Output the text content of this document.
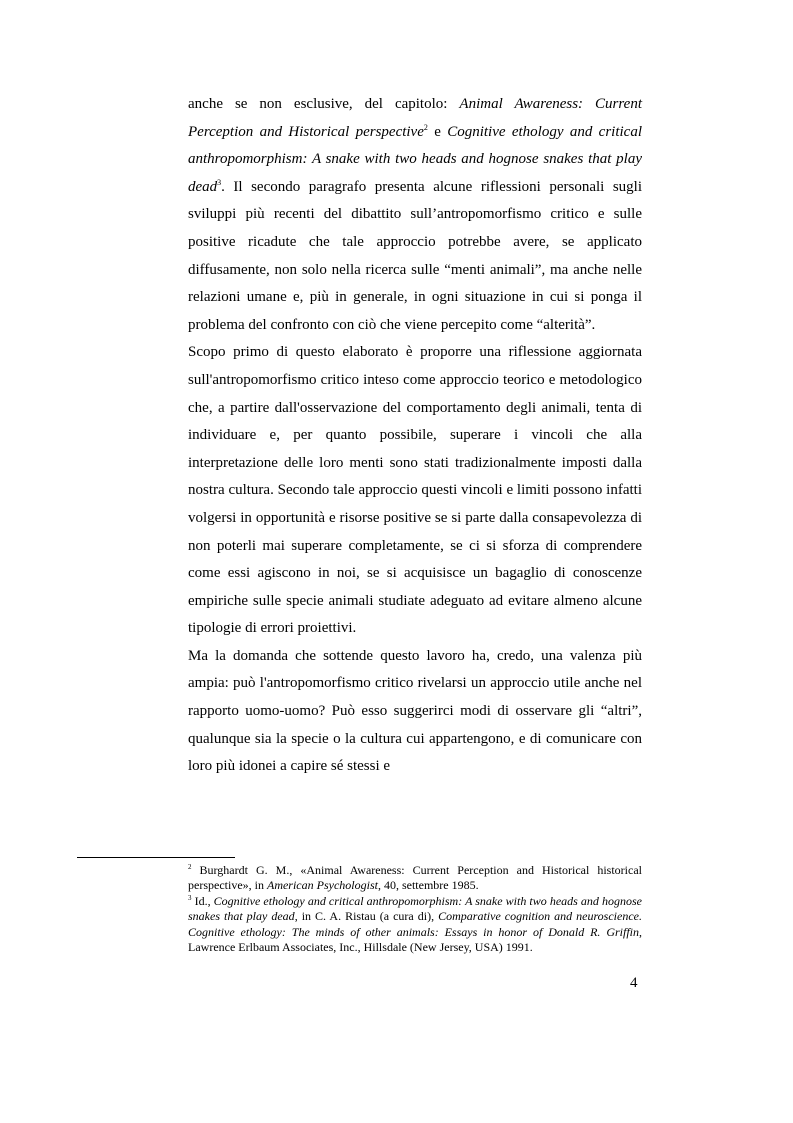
anche se non esclusive, del capitolo: Animal Awareness: Current Perception and Historical perspective$^2$ e Cognitive ethology and critical anthropomorphism: A snake with two heads and hognose snakes that play dead$^3$. Il secondo paragrafo presenta alcune riflessioni personali sugli sviluppi più recenti del dibattito sull’antropomorfismo critico e sulle positive ricadute che tale approccio potrebbe avere, se applicato diffusamente, non solo nella ricerca sulle “menti animali”, ma anche nelle relazioni umane e, più in generale, in ogni situazione in cui si ponga il problema del confronto con ciò che viene percepito come “alterità”.

Scopo primo di questo elaborato è proporre una riflessione aggiornata sull'antropomorfismo critico inteso come approccio teorico e metodologico che, a partire dall'osservazione del comportamento degli animali, tenta di individuare e, per quanto possibile, superare i vincoli che alla interpretazione delle loro menti sono stati tradizionalmente imposti dalla nostra cultura. Secondo tale approccio questi vincoli e limiti possono infatti volgersi in opportunità e risorse positive se si parte dalla consapevolezza di non poterli mai superare completamente, se ci si sforza di comprendere come essi agiscono in noi, se si acquisisce un bagaglio di conoscenze empiriche sulle specie animali studiate adeguato ad evitare almeno alcune tipologie di errori proiettivi.

Ma la domanda che sottende questo lavoro ha, credo, una valenza più ampia: può l'antropomorfismo critico rivelarsi un approccio utile anche nel rapporto uomo-uomo? Può esso suggerirci modi di osservare gli “altri”, qualunque sia la specie o la cultura cui appartengono, e di comunicare con loro più idonei a capire sé stessi e

$^2$ Burghardt G. M., «Animal Awareness: Current Perception and Historical historical perspective», in American Psychologist, 40, settembre 1985.

$^3$ Id., Cognitive ethology and critical anthropomorphism: A snake with two heads and hognose snakes that play dead, in C. A. Ristau (a cura di), Comparative cognition and neuroscience. Cognitive ethology: The minds of other animals: Essays in honor of Donald R. Griffin, Lawrence Erlbaum Associates, Inc., Hillsdale (New Jersey, USA) 1991.

4
